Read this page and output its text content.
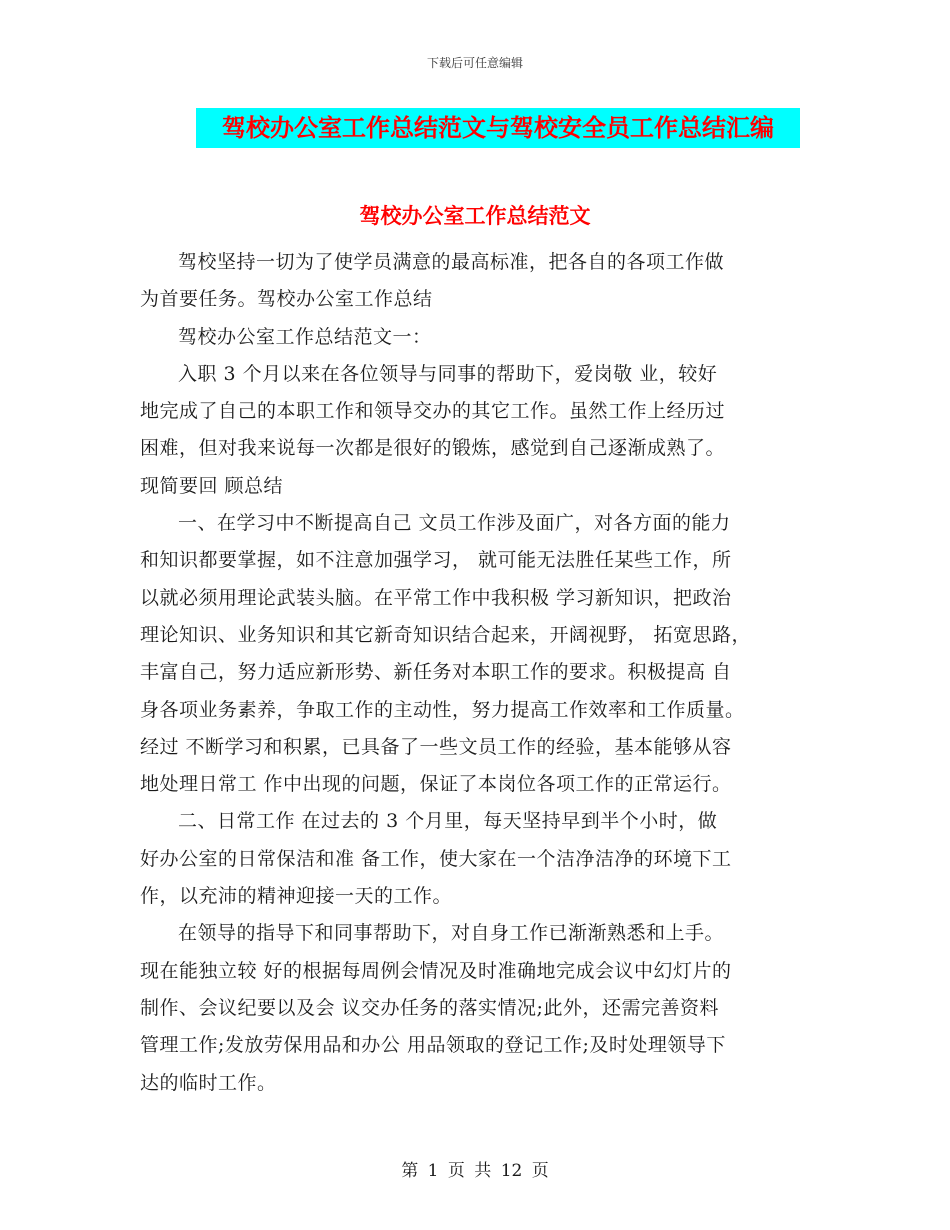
下载后可任意编辑
驾校办公室工作总结范文与驾校安全员工作总结汇编
驾校办公室工作总结范文
驾校坚持一切为了使学员满意的最高标准，把各自的各项工作做
为首要任务。驾校办公室工作总结
驾校办公室工作总结范文一：
入职 3 个月以来在各位领导与同事的帮助下，爱岗敬 业，较好
地完成了自己的本职工作和领导交办的其它工作。虽然工作上经历过
困难，但对我来说每一次都是很好的锻炼，感觉到自己逐渐成熟了。
现简要回 顾总结
一、在学习中不断提高自己 文员工作涉及面广，对各方面的能力
和知识都要掌握，如不注意加强学习， 就可能无法胜任某些工作，所
以就必须用理论武装头脑。在平常工作中我积极 学习新知识，把政治
理论知识、业务知识和其它新奇知识结合起来，开阔视野， 拓宽思路，
丰富自己，努力适应新形势、新任务对本职工作的要求。积极提高 自
身各项业务素养，争取工作的主动性，努力提高工作效率和工作质量。
经过 不断学习和积累，已具备了一些文员工作的经验，基本能够从容
地处理日常工 作中出现的问题，保证了本岗位各项工作的正常运行。
二、日常工作 在过去的 3 个月里，每天坚持早到半个小时，做
好办公室的日常保洁和准 备工作，使大家在一个洁净洁净的环境下工
作，以充沛的精神迎接一天的工作。
在领导的指导下和同事帮助下，对自身工作已渐渐熟悉和上手。
现在能独立较 好的根据每周例会情况及时准确地完成会议中幻灯片的
制作、会议纪要以及会 议交办任务的落实情况;此外，还需完善资料
管理工作;发放劳保用品和办公 用品领取的登记工作;及时处理领导下
达的临时工作。
第 1 页 共 12 页
